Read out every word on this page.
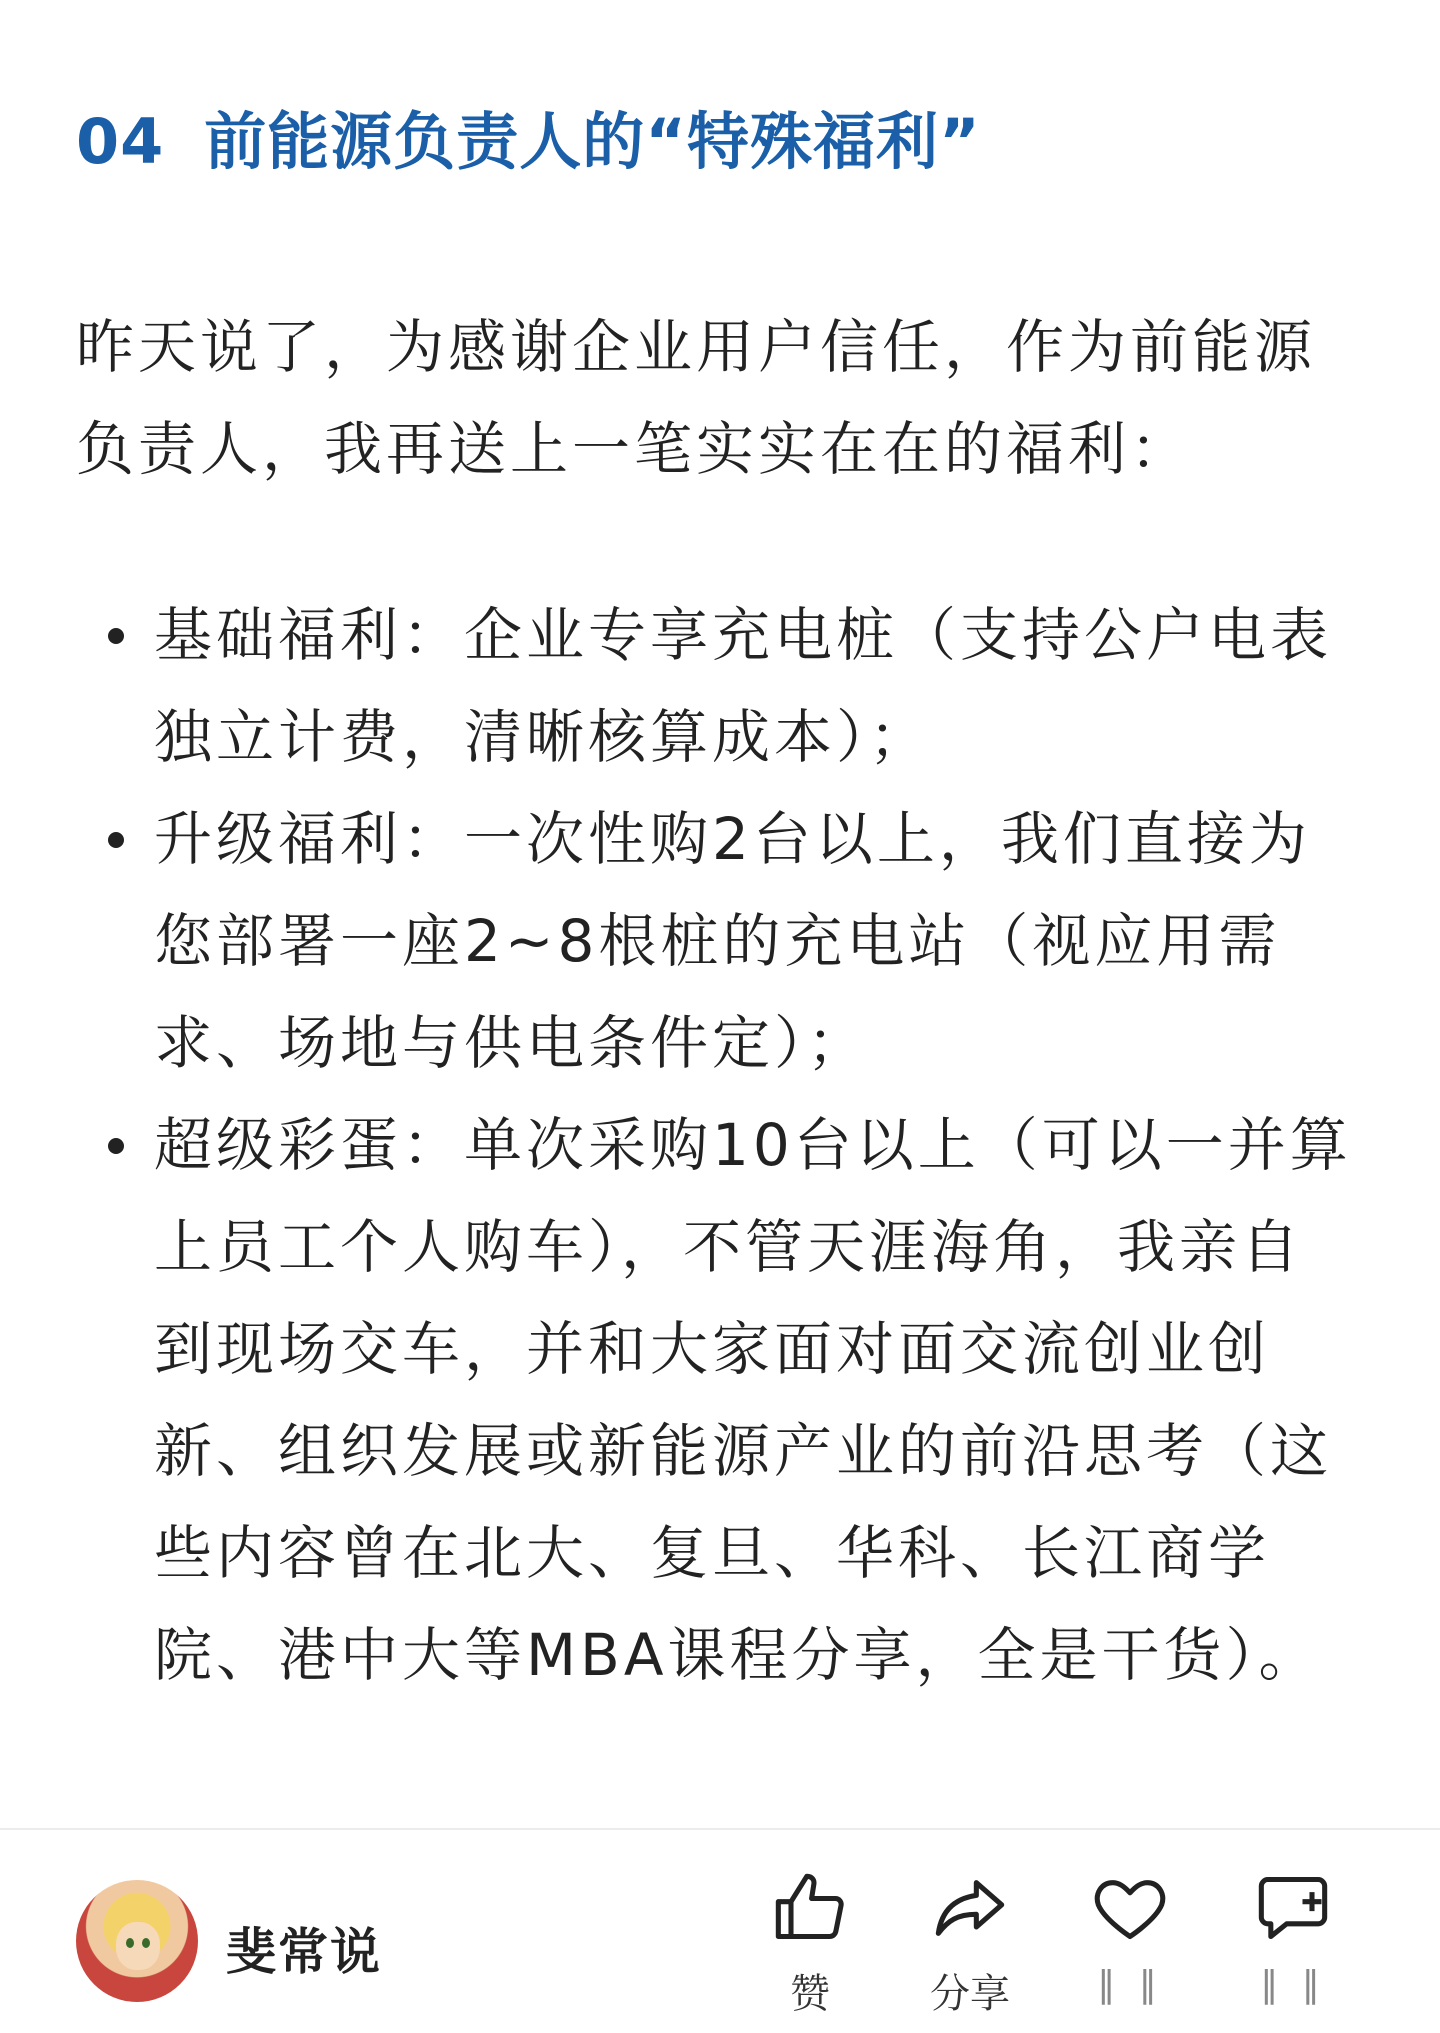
04 前能源负责人的“特殊福利”
昨天说了，为感谢企业用户信任，作为前能源负责人，我再送上一笔实实在在的福利：
基础福利：企业专享充电桩（支持公户电表独立计费，清晰核算成本）；
升级福利：一次性购2台以上，我们直接为您部署一座2~8根桩的充电站（视应用需求、场地与供电条件定）；
超级彩蛋：单次采购10台以上（可以一并算上员工个人购车），不管天涯海角，我亲自到现场交车，并和大家面对面交流创业创新、组织发展或新能源产业的前沿思考（这些内容曾在北大、复旦、华科、长江商学院、港中大等MBA课程分享，全是干货）。
斐常说
赞	分享	‖ ‖	‖ ‖
